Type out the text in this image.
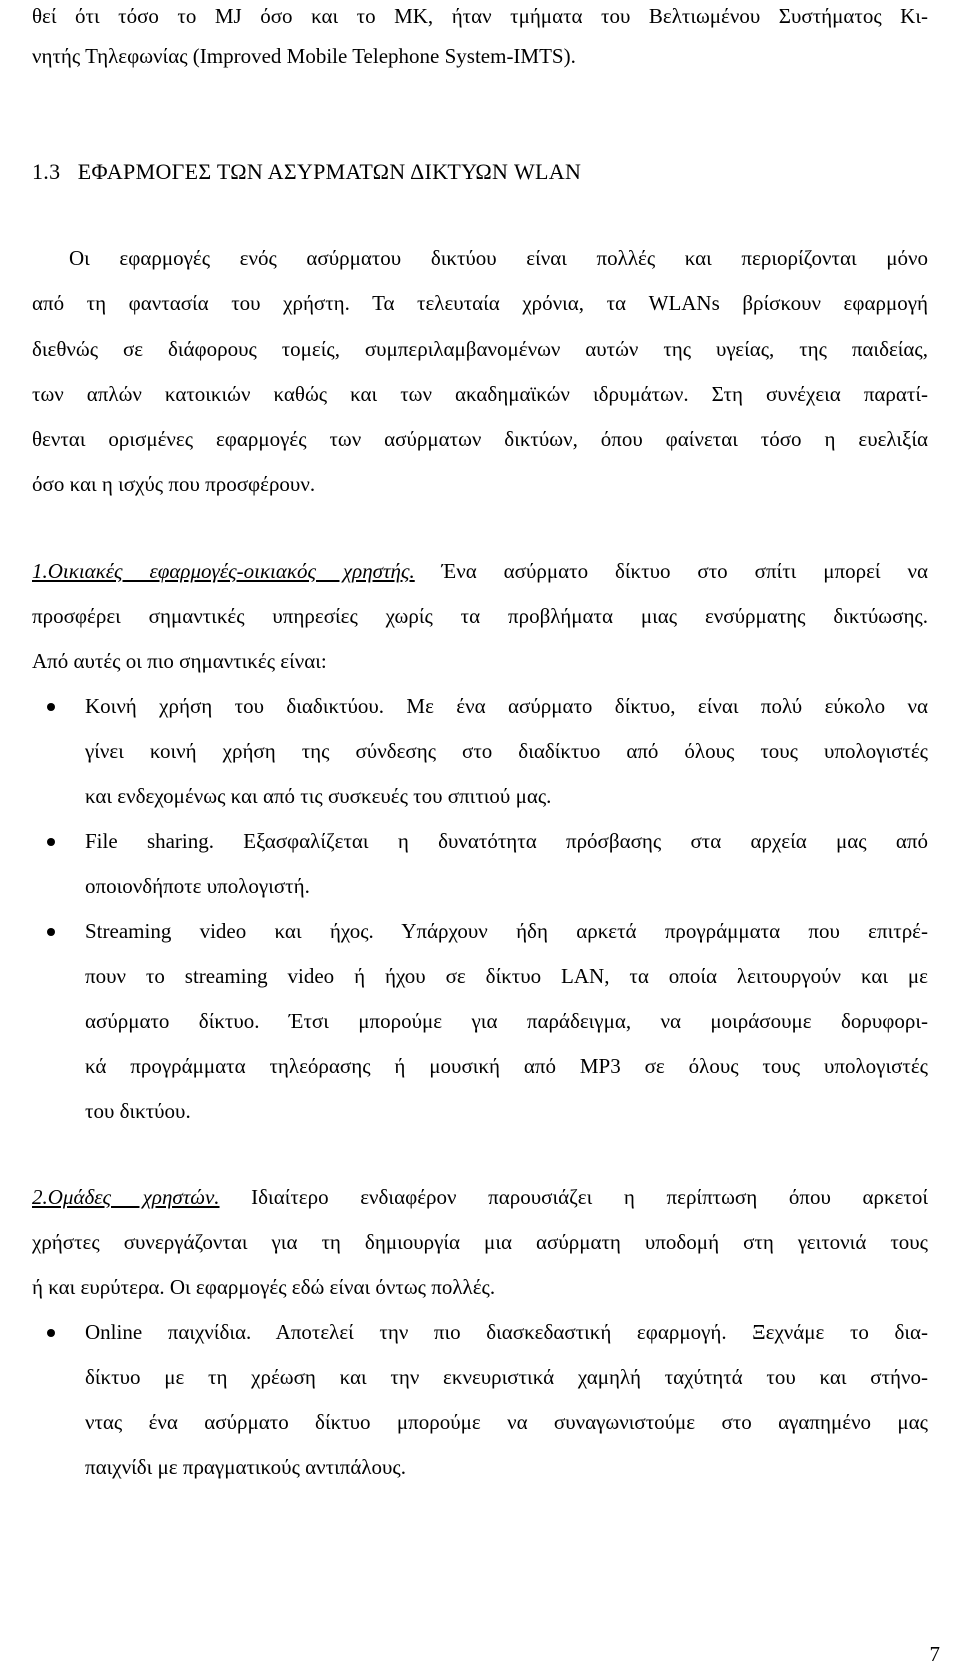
θεί ότι τόσο το MJ όσο και το MK, ήταν τμήματα του Βελτιωμένου Συστήματος Κι-
νητής Τηλεφωνίας (Improved Mobile Telephone System-IMTS).
1.3   ΕΦΑΡΜΟΓΕΣ ΤΩΝ ΑΣΥΡΜΑΤΩΝ ΔΙΚΤΥΩΝ WLAN
Οι εφαρμογές ενός ασύρματου δικτύου είναι πολλές και περιορίζονται μόνο
από τη φαντασία του χρήστη. Τα τελευταία χρόνια, τα WLANs βρίσκουν εφαρμογή
διεθνώς σε διάφορους τομείς, συμπεριλαμβανομένων αυτών της υγείας, της παιδείας,
των απλών κατοικιών καθώς και των ακαδημαϊκών ιδρυμάτων. Στη συνέχεια παρατί-
θενται ορισμένες εφαρμογές των ασύρματων δικτύων, όπου φαίνεται τόσο η ευελιξία
όσο και η ισχύς που προσφέρουν.
1.Οικιακές εφαρμογές-οικιακός χρηστής. Ένα ασύρματο δίκτυο στο σπίτι μπορεί να
προσφέρει σημαντικές υπηρεσίες χωρίς τα προβλήματα μιας ενσύρματης δικτύωσης.
Από αυτές οι πιο σημαντικές είναι:
Κοινή χρήση του διαδικτύου. Με ένα ασύρματο δίκτυο, είναι πολύ εύκολο να
γίνει κοινή χρήση της σύνδεσης στο διαδίκτυο από όλους τους υπολογιστές
και ενδεχομένως και από τις συσκευές του σπιτιού μας.
File sharing. Εξασφαλίζεται η δυνατότητα πρόσβασης στα αρχεία μας από
οποιονδήποτε υπολογιστή.
Streaming video και ήχος. Υπάρχουν ήδη αρκετά προγράμματα που επιτρέ-
πουν το streaming video ή ήχου σε δίκτυο LAN, τα οποία λειτουργούν και με
ασύρματο δίκτυο. Έτσι μπορούμε για παράδειγμα, να μοιράσουμε δορυφορι-
κά προγράμματα τηλεόρασης ή μουσική από MP3 σε όλους τους υπολογιστές
του δικτύου.
2.Ομάδες χρηστών. Ιδιαίτερο ενδιαφέρον παρουσιάζει η περίπτωση όπου αρκετοί
χρήστες συνεργάζονται για τη δημιουργία μια ασύρματη υποδομή στη γειτονιά τους
ή και ευρύτερα. Οι εφαρμογές εδώ είναι όντως πολλές.
Online παιχνίδια. Αποτελεί την πιο διασκεδαστική εφαρμογή. Ξεχνάμε το δια-
δίκτυο με τη χρέωση και την εκνευριστικά χαμηλή ταχύτητά του και στήνο-
ντας ένα ασύρματο δίκτυο μπορούμε να συναγωνιστούμε στο αγαπημένο μας
παιχνίδι με πραγματικούς αντιπάλους.
7
